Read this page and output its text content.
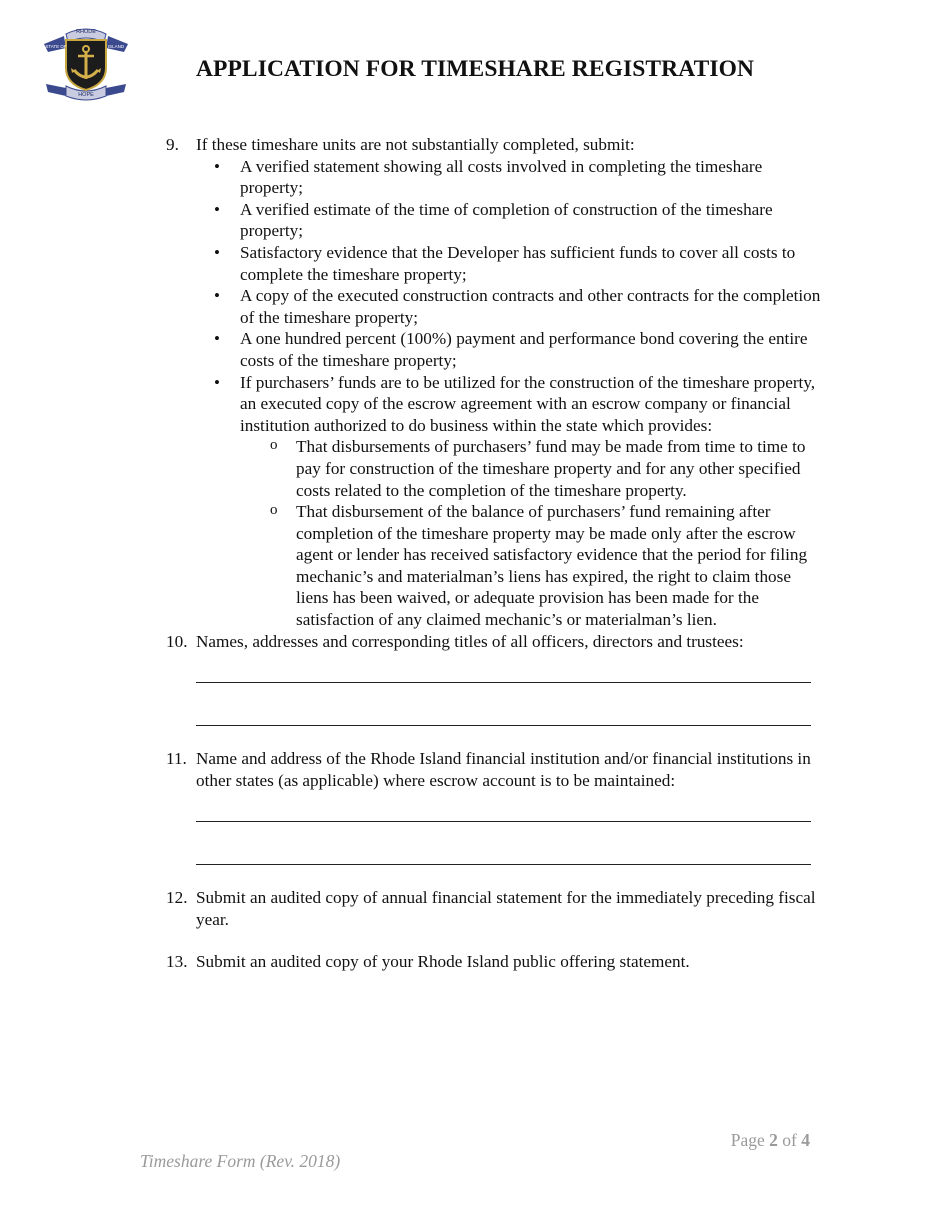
RHODE
STATE OF	ISLAND
HOPE
APPLICATION FOR TIMESHARE REGISTRATION
9. If these timeshare units are not substantially completed, submit:
• A verified statement showing all costs involved in completing the timeshare property;
• A verified estimate of the time of completion of construction of the timeshare property;
• Satisfactory evidence that the Developer has sufficient funds to cover all costs to complete the timeshare property;
• A copy of the executed construction contracts and other contracts for the completion of the timeshare property;
• A one hundred percent (100%) payment and performance bond covering the entire costs of the timeshare property;
• If purchasers’ funds are to be utilized for the construction of the timeshare property, an executed copy of the escrow agreement with an escrow company or financial institution authorized to do business within the state which provides:
o That disbursements of purchasers’ fund may be made from time to time to pay for construction of the timeshare property and for any other specified costs related to the completion of the timeshare property.
o That disbursement of the balance of purchasers’ fund remaining after completion of the timeshare property may be made only after the escrow agent or lender has received satisfactory evidence that the period for filing mechanic’s and materialman’s liens has expired, the right to claim those liens has been waived, or adequate provision has been made for the satisfaction of any claimed mechanic’s or materialman’s lien.
10. Names, addresses and corresponding titles of all officers, directors and trustees:
11. Name and address of the Rhode Island financial institution and/or financial institutions in other states (as applicable) where escrow account is to be maintained:
12. Submit an audited copy of annual financial statement for the immediately preceding fiscal year.
13. Submit an audited copy of your Rhode Island public offering statement.
Page 2 of 4
Timeshare Form (Rev. 2018)
